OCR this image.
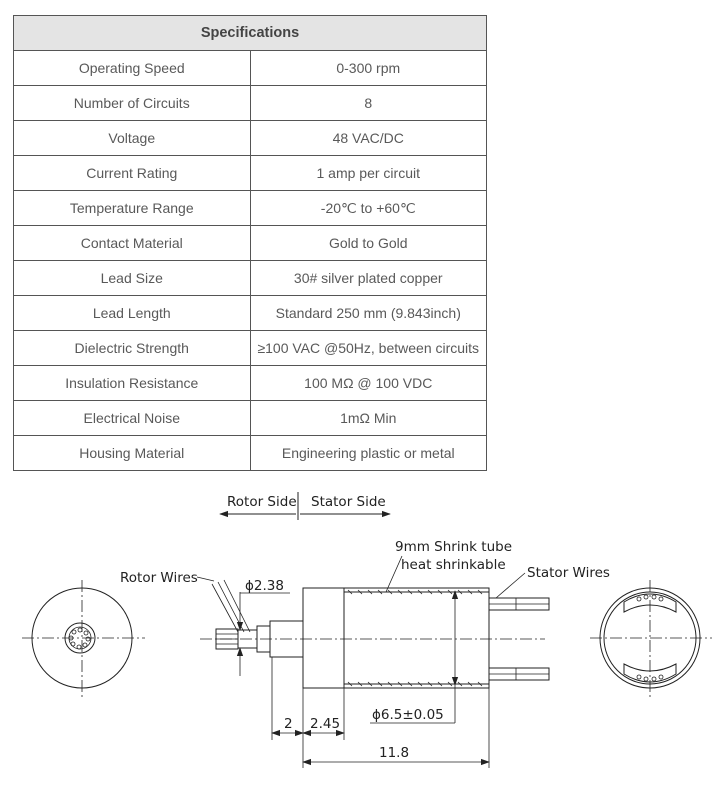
Specifications	
Operating Speed	0-300 rpm
Number of Circuits	8
Voltage	48 VAC/DC
Current Rating	1 amp per circuit
Temperature Range	-20℃ to +60℃
Contact Material	Gold to Gold
Lead Size	30# silver plated copper
Lead Length	Standard 250 mm (9.843inch)
Dielectric Strength	≥100 VAC @50Hz, between circuits
Insulation Resistance	100 MΩ @ 100 VDC
Electrical Noise	1mΩ Min
Housing Material	Engineering plastic or metal
Rotor Side Stator Side
9mm Shrink tube
heat shrinkable
Rotor Wires	Stator Wires
ϕ2.38
ϕ6.5±0.05
2 2.45
11.8
